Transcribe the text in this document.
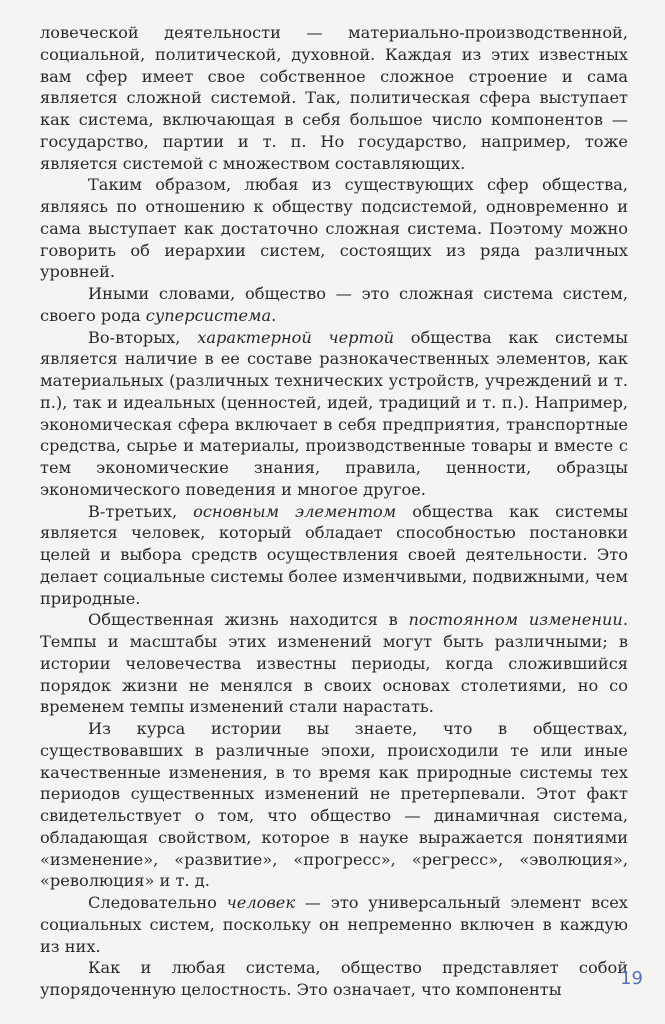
ловеческой деятельности — материально-производственной, социальной, политической, духовной. Каждая из этих известных вам сфер имеет свое собственное сложное строение и сама является сложной системой. Так, политическая сфера выступает как система, включающая в себя большое число компонентов — государство, партии и т. п. Но государство, например, тоже является системой с множеством составляющих.

Таким образом, любая из существующих сфер общества, являясь по отношению к обществу подсистемой, одновременно и сама выступает как достаточно сложная система. Поэтому можно говорить об иерархии систем, состоящих из ряда различных уровней.

Иными словами, общество — это сложная система систем, своего рода суперсистема.

Во-вторых, характерной чертой общества как системы является наличие в ее составе разнокачественных элементов, как материальных (различных технических устройств, учреждений и т. п.), так и идеальных (ценностей, идей, традиций и т. п.). Например, экономическая сфера включает в себя предприятия, транспортные средства, сырье и материалы, производственные товары и вместе с тем экономические знания, правила, ценности, образцы экономического поведения и многое другое.

В-третьих, основным элементом общества как системы является человек, который обладает способностью постановки целей и выбора средств осуществления своей деятельности. Это делает социальные системы более изменчивыми, подвижными, чем природные.

Общественная жизнь находится в постоянном изменении. Темпы и масштабы этих изменений могут быть различными; в истории человечества известны периоды, когда сложившийся порядок жизни не менялся в своих основах столетиями, но со временем темпы изменений стали нарастать.

Из курса истории вы знаете, что в обществах, существовавших в различные эпохи, происходили те или иные качественные изменения, в то время как природные системы тех периодов существенных изменений не претерпевали. Этот факт свидетельствует о том, что общество — динамичная система, обладающая свойством, которое в науке выражается понятиями «изменение», «развитие», «прогресс», «регресс», «эволюция», «революция» и т. д.

Следовательно человек — это универсальный элемент всех социальных систем, поскольку он непременно включен в каждую из них.

Как и любая система, общество представляет собой упорядоченную целостность. Это означает, что компоненты

19
